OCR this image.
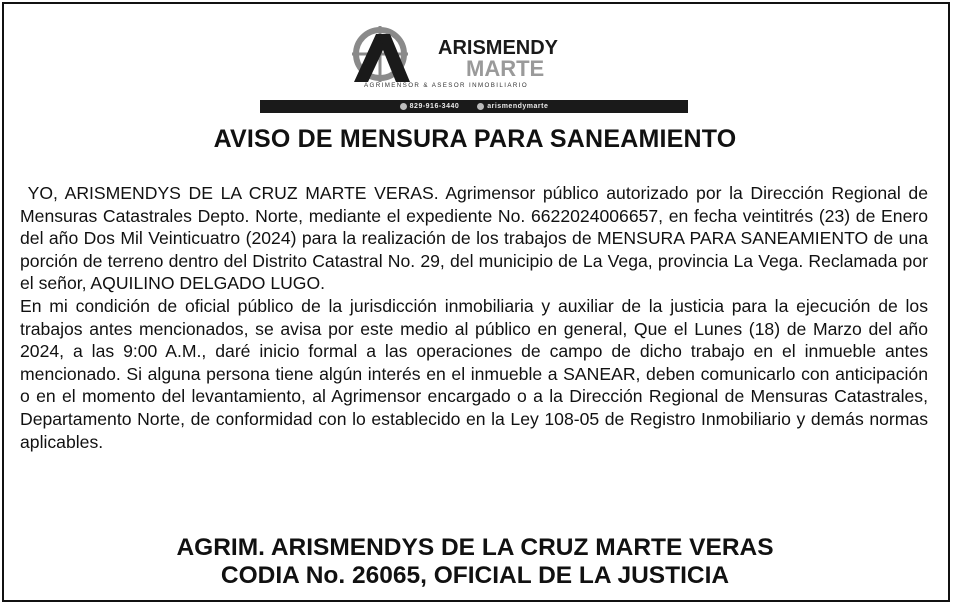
ARISMENDY
MARTE
AGRIMENSOR & ASESOR INMOBILIARIO
829-916-3440	arismendymarte
AVISO DE MENSURA PARA SANEAMIENTO

YO, ARISMENDYS DE LA CRUZ MARTE VERAS. Agrimensor público autorizado por la Dirección Regional de Mensuras Catastrales Depto. Norte, mediante el expediente No. 6622024006657, en fecha veintitrés (23) de Enero del año Dos Mil Veinticuatro (2024) para la realización de los trabajos de MENSURA PARA SANEAMIENTO de una porción de terreno dentro del Distrito Catastral No. 29, del municipio de La Vega, provincia La Vega. Reclamada por el señor, AQUILINO DELGADO LUGO.

En mi condición de oficial público de la jurisdicción inmobiliaria y auxiliar de la justicia para la ejecución de los trabajos antes mencionados, se avisa por este medio al público en general, Que el Lunes (18) de Marzo del año 2024, a las 9:00 A.M., daré inicio formal a las operaciones de campo de dicho trabajo en el inmueble antes mencionado. Si alguna persona tiene algún interés en el inmueble a SANEAR, deben comunicarlo con anticipación o en el momento del levantamiento, al Agrimensor encargado o a la Dirección Regional de Mensuras Catastrales, Departamento Norte, de conformidad con lo establecido en la Ley 108-05 de Registro Inmobiliario y demás normas aplicables.

AGRIM. ARISMENDYS DE LA CRUZ MARTE VERAS
CODIA No. 26065, OFICIAL DE LA JUSTICIA
